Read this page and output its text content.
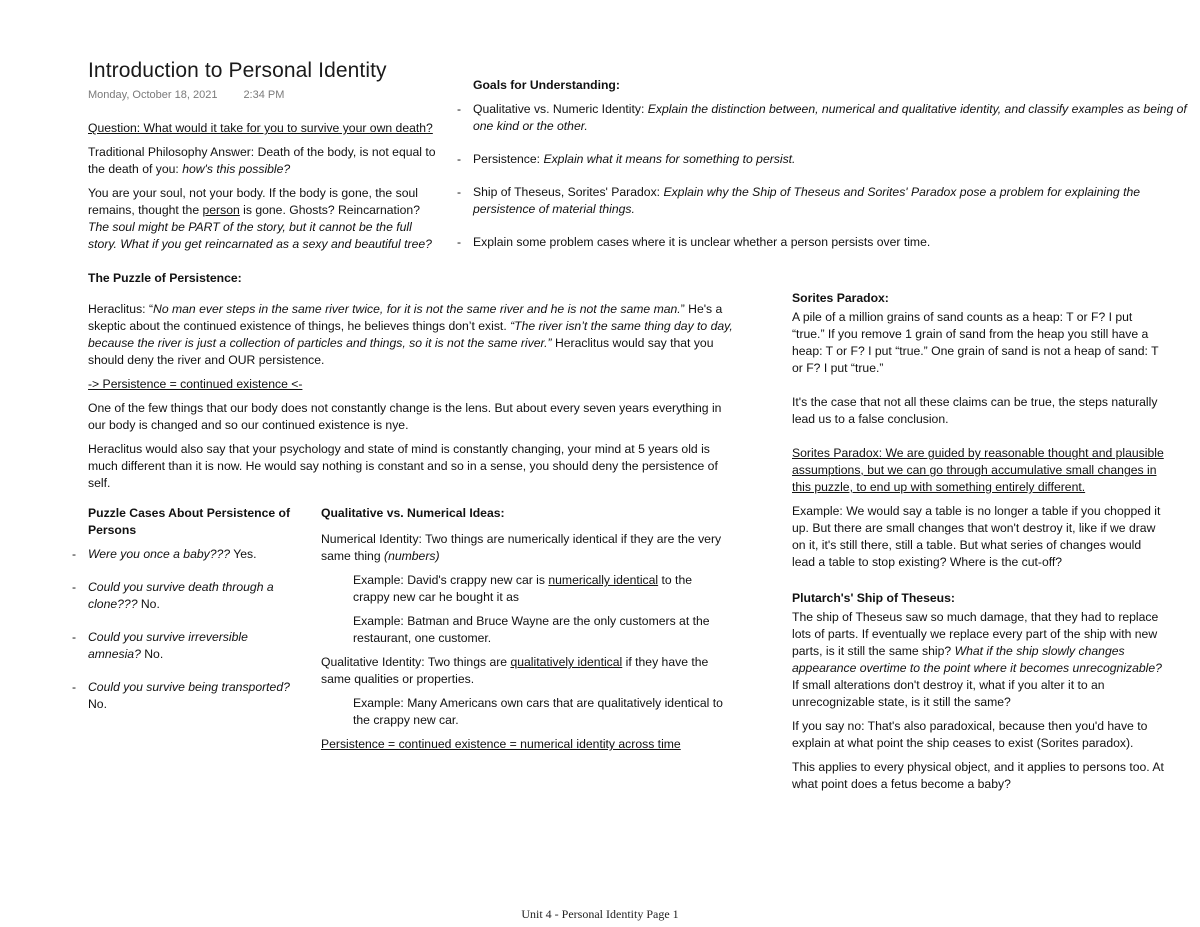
Introduction to Personal Identity
Monday, October 18, 2021 2:34 PM

Question: What would it take for you to survive your own death?

Traditional Philosophy Answer: Death of the body, is not equal to the death of you: how's this possible?

You are your soul, not your body. If the body is gone, the soul remains, thought the person is gone. Ghosts? Reincarnation? The soul might be PART of the story, but it cannot be the full story. What if you get reincarnated as a sexy and beautiful tree?

Goals for Understanding:

- Qualitative vs. Numeric Identity: Explain the distinction between, numerical and qualitative identity, and classify examples as being of one kind or the other.
- Persistence: Explain what it means for something to persist.
- Ship of Theseus, Sorites' Paradox: Explain why the Ship of Theseus and Sorites' Paradox pose a problem for explaining the persistence of material things.
- Explain some problem cases where it is unclear whether a person persists over time.

The Puzzle of Persistence:

Heraclitus: “No man ever steps in the same river twice, for it is not the same river and he is not the same man.” He's a skeptic about the continued existence of things, he believes things don’t exist. “The river isn’t the same thing day to day, because the river is just a collection of particles and things, so it is not the same river.” Heraclitus would say that you should deny the river and OUR persistence.

-> Persistence = continued existence <-

One of the few things that our body does not constantly change is the lens. But about every seven years everything in our body is changed and so our continued existence is nye.

Heraclitus would also say that your psychology and state of mind is constantly changing, your mind at 5 years old is much different than it is now. He would say nothing is constant and so in a sense, you should deny the persistence of self.

Puzzle Cases About Persistence of Persons

- Were you once a baby??? Yes.
- Could you survive death through a clone??? No.
- Could you survive irreversible amnesia? No.
- Could you survive being transported? No.

Qualitative vs. Numerical Ideas:

Numerical Identity: Two things are numerically identical if they are the very same thing (numbers)

Example: David's crappy new car is numerically identical to the crappy new car he bought it as

Example: Batman and Bruce Wayne are the only customers at the restaurant, one customer.

Qualitative Identity: Two things are qualitatively identical if they have the same qualities or properties.

Example: Many Americans own cars that are qualitatively identical to the crappy new car.

Persistence = continued existence = numerical identity across time

Sorites Paradox:

A pile of a million grains of sand counts as a heap: T or F? I put “true.” If you remove 1 grain of sand from the heap you still have a heap: T or F? I put “true.” One grain of sand is not a heap of sand: T or F? I put “true.”

It's the case that not all these claims can be true, the steps naturally lead us to a false conclusion.

Sorites Paradox: We are guided by reasonable thought and plausible assumptions, but we can go through accumulative small changes in this puzzle, to end up with something entirely different.

Example: We would say a table is no longer a table if you chopped it up. But there are small changes that won't destroy it, like if we draw on it, it's still there, still a table. But what series of changes would lead a table to stop existing? Where is the cut-off?

Plutarch's' Ship of Theseus:

The ship of Theseus saw so much damage, that they had to replace lots of parts. If eventually we replace every part of the ship with new parts, is it still the same ship? What if the ship slowly changes appearance overtime to the point where it becomes unrecognizable? If small alterations don't destroy it, what if you alter it to an unrecognizable state, is it still the same?

If you say no: That's also paradoxical, because then you'd have to explain at what point the ship ceases to exist (Sorites paradox).

This applies to every physical object, and it applies to persons too. At what point does a fetus become a baby?

Unit 4 - Personal Identity Page 1
